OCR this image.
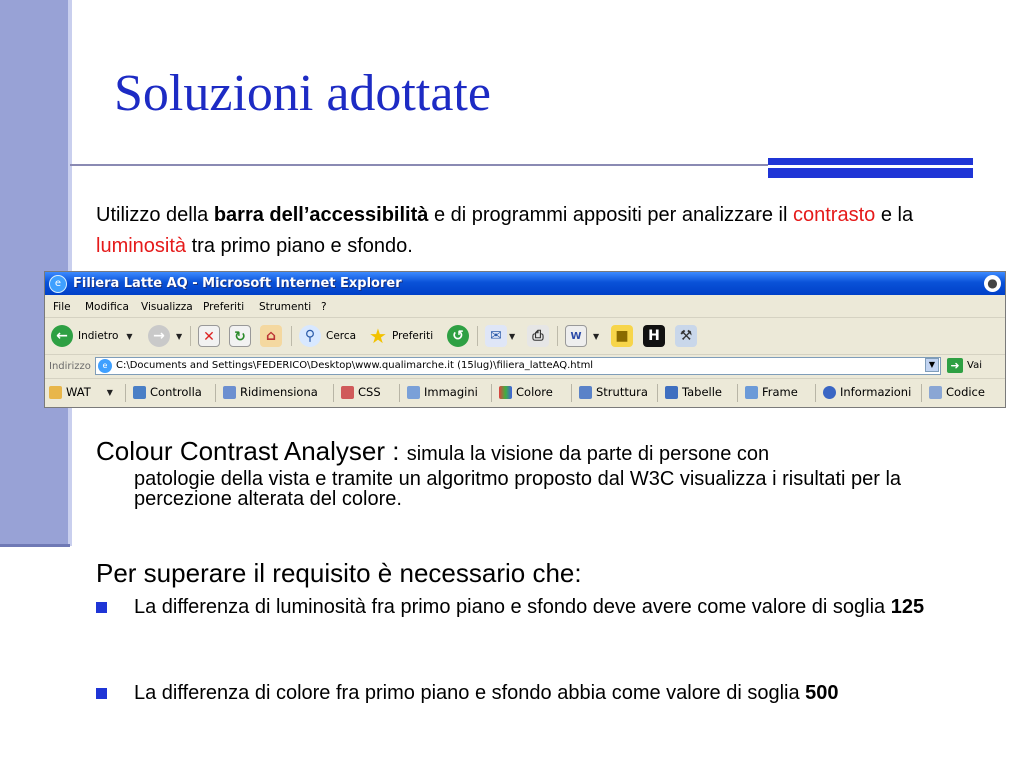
Soluzioni adottate
Utilizzo della barra dell’accessibilità e di programmi appositi per analizzare il contrasto e la luminosità tra primo piano e sfondo.
e Filiera Latte AQ - Microsoft Internet Explorer	●
File Modifica Visualizza Preferiti Strumenti ?
← Indietro ▼	→	▼	✕	↻	⌂	⚲	Cerca ★ Preferiti	↺	✉ ▼	⎙	W	▼	■	H	⚒
Indirizzo	e C:\Documents and Settings\FEDERICO\Desktop\www.qualimarche.it (15lug)\filiera_latteAQ.html	▼	➜ Vai
WAT ▼	Controlla	Ridimensiona	CSS	Immagini	Colore	Struttura	Tabelle	Frame	Informazioni	Codice
Colour Contrast Analyser : simula la visione da parte di persone con
patologie della vista e tramite un algoritmo proposto dal W3C visualizza i risultati per la percezione alterata del colore.
Per superare il requisito è necessario che:
La differenza di luminosità fra primo piano e sfondo deve avere come valore di soglia 125
La differenza di colore fra primo piano e sfondo abbia come valore di soglia 500
